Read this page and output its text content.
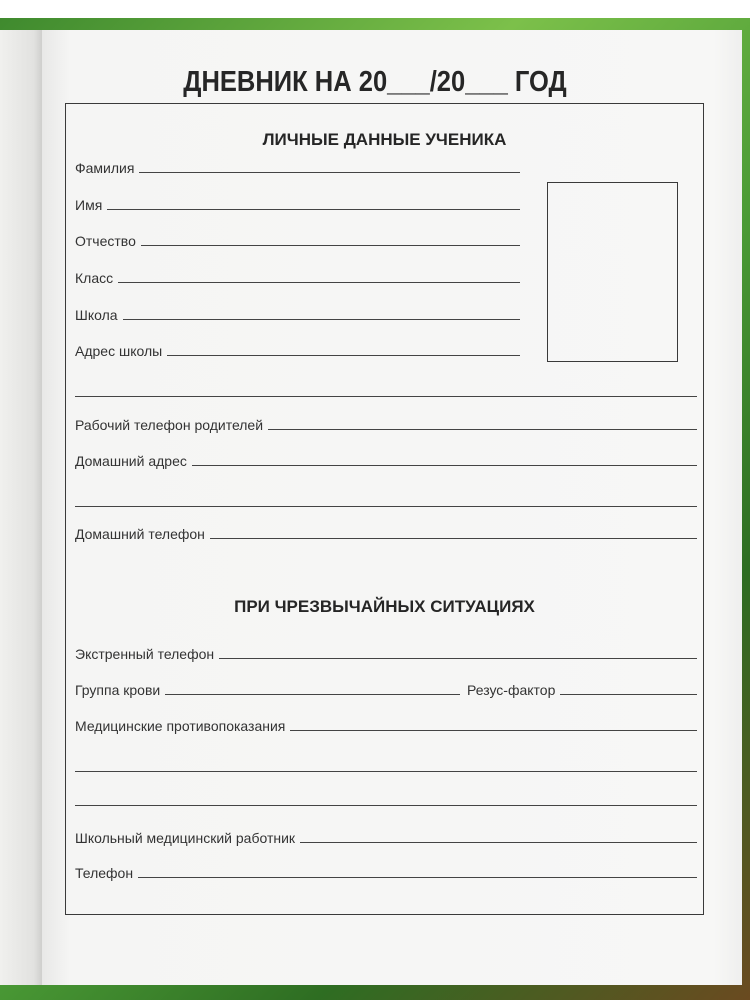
ДНЕВНИК НА 20___/20___ ГОД
ЛИЧНЫЕ ДАННЫЕ УЧЕНИКА
Фамилия
Имя
Отчество
Класс
Школа
Адрес школы
Рабочий телефон родителей
Домашний адрес
Домашний телефон
ПРИ ЧРЕЗВЫЧАЙНЫХ СИТУАЦИЯХ
Экстренный телефон
Группа крови	Резус-фактор
Медицинские противопоказания
Школьный медицинский работник
Телефон
